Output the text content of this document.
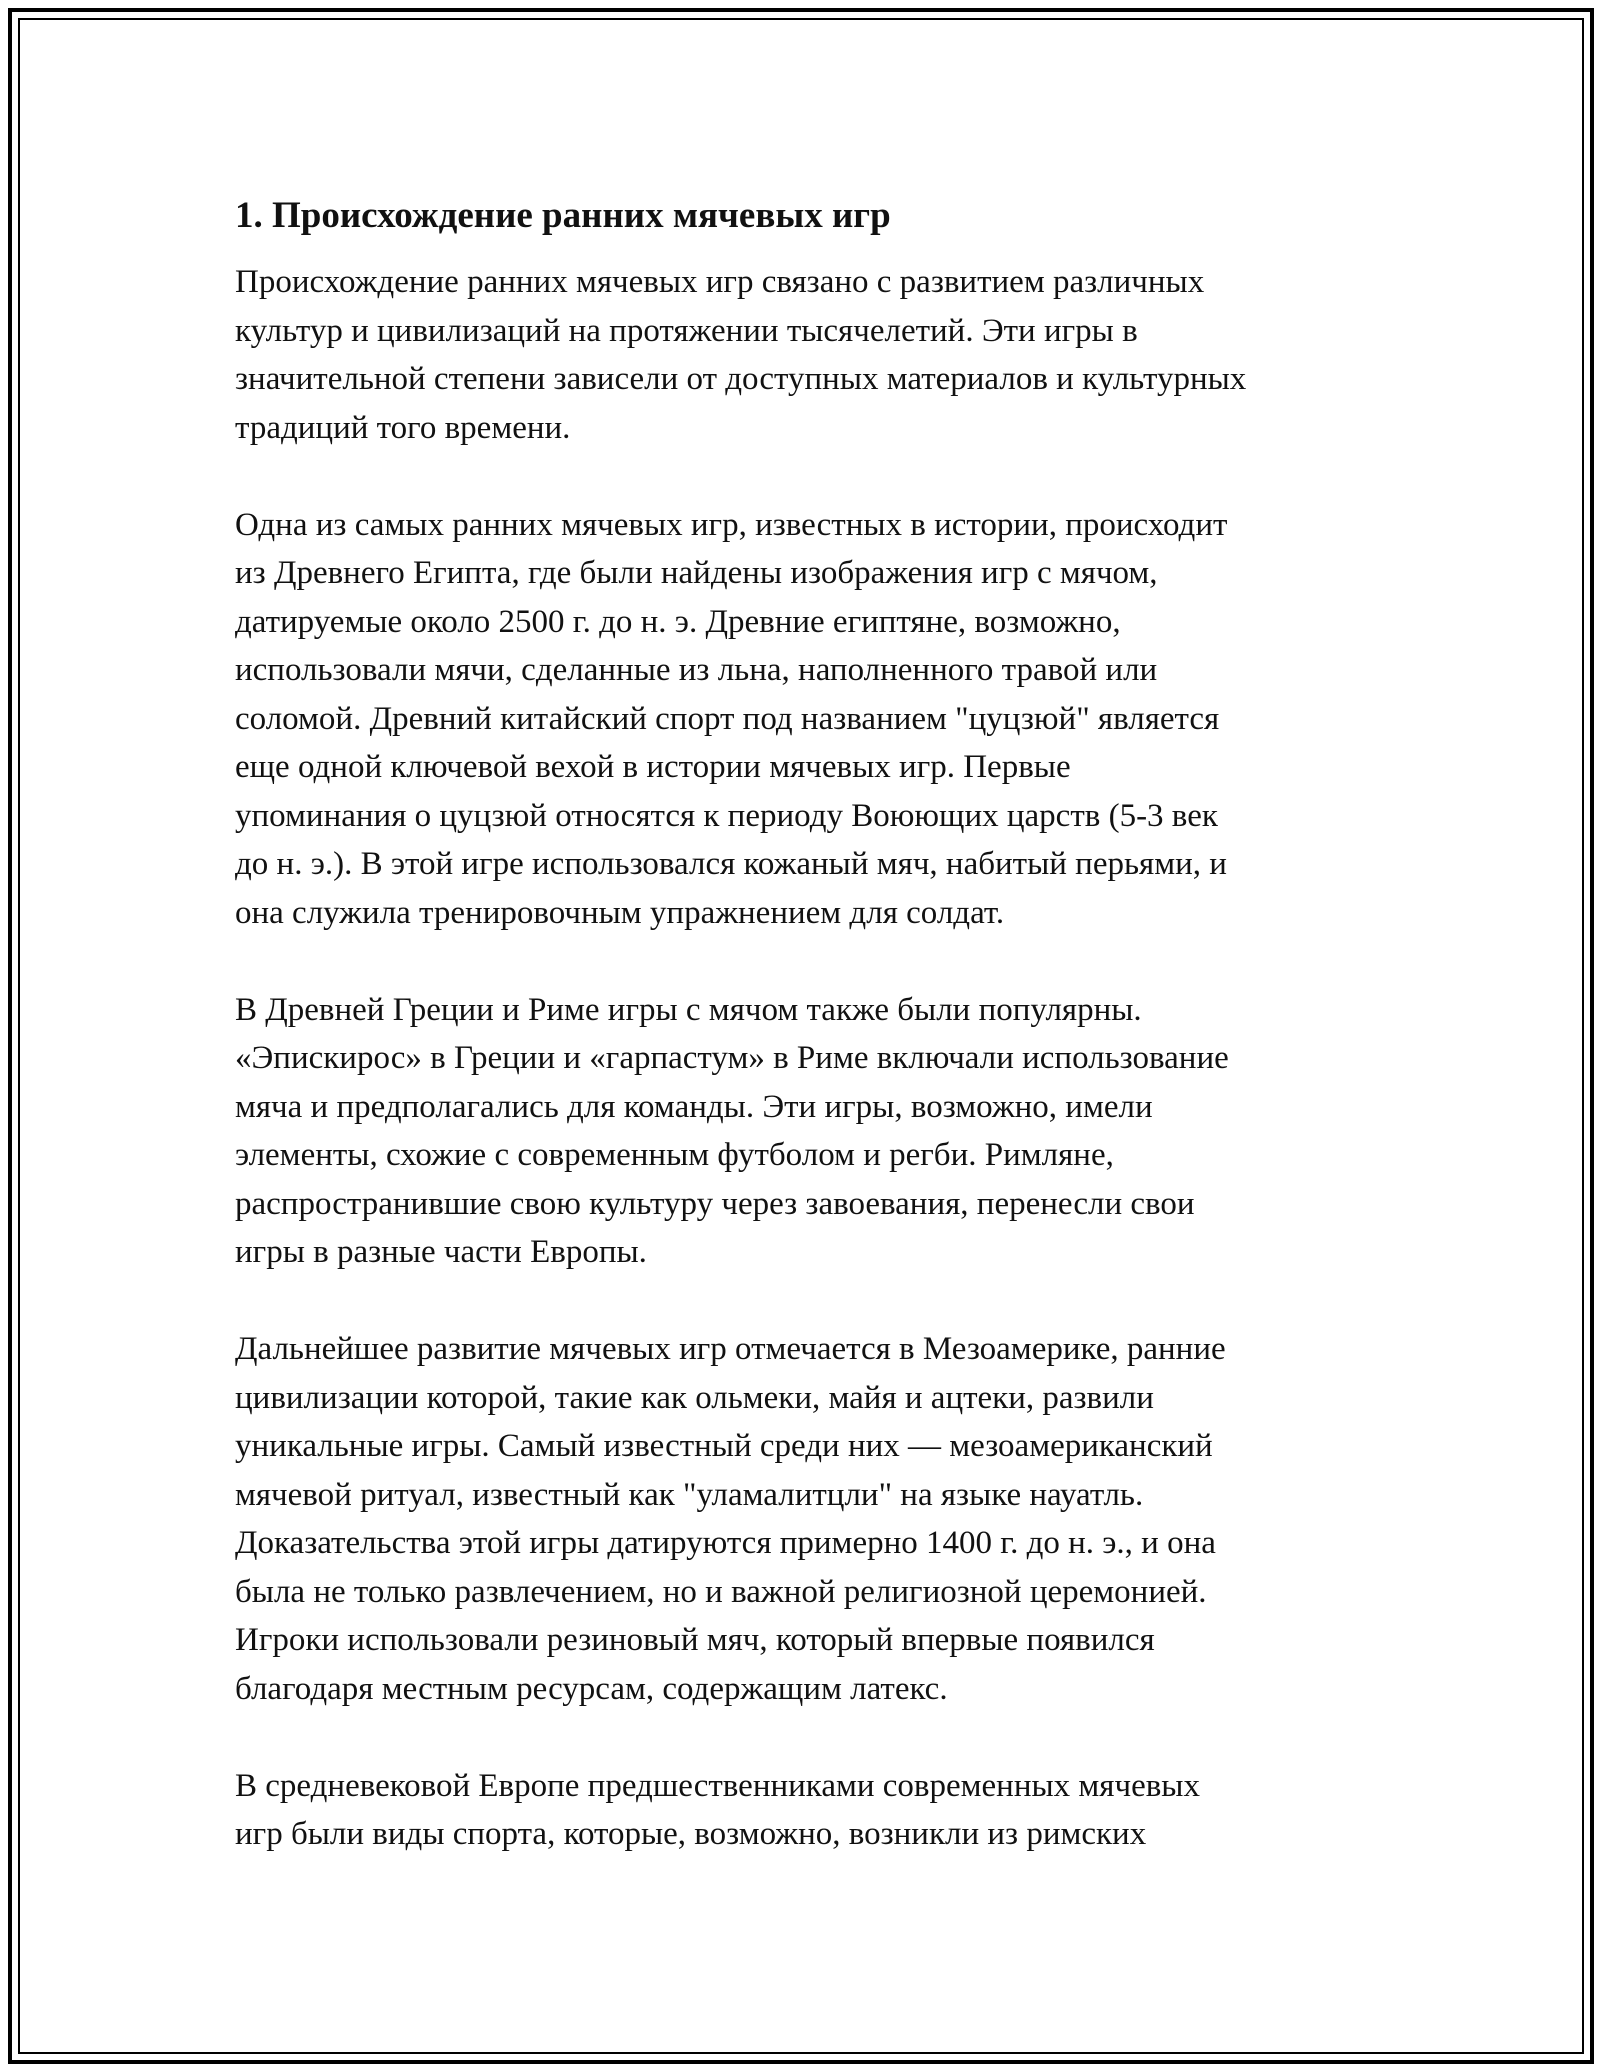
1. Происхождение ранних мячевых игр

Происхождение ранних мячевых игр связано с развитием различных
культур и цивилизаций на протяжении тысячелетий. Эти игры в
значительной степени зависели от доступных материалов и культурных
традиций того времени.

Одна из самых ранних мячевых игр, известных в истории, происходит
из Древнего Египта, где были найдены изображения игр с мячом,
датируемые около 2500 г. до н. э. Древние египтяне, возможно,
использовали мячи, сделанные из льна, наполненного травой или
соломой. Древний китайский спорт под названием "цуцзюй" является
еще одной ключевой вехой в истории мячевых игр. Первые
упоминания о цуцзюй относятся к периоду Воюющих царств (5-3 век
до н. э.). В этой игре использовался кожаный мяч, набитый перьями, и
она служила тренировочным упражнением для солдат.

В Древней Греции и Риме игры с мячом также были популярны.
«Эпискирос» в Греции и «гарпастум» в Риме включали использование
мяча и предполагались для команды. Эти игры, возможно, имели
элементы, схожие с современным футболом и регби. Римляне,
распространившие свою культуру через завоевания, перенесли свои
игры в разные части Европы.

Дальнейшее развитие мячевых игр отмечается в Мезоамерике, ранние
цивилизации которой, такие как ольмеки, майя и ацтеки, развили
уникальные игры. Самый известный среди них — мезоамериканский
мячевой ритуал, известный как "уламалитцли" на языке науатль.
Доказательства этой игры датируются примерно 1400 г. до н. э., и она
была не только развлечением, но и важной религиозной церемонией.
Игроки использовали резиновый мяч, который впервые появился
благодаря местным ресурсам, содержащим латекс.

В средневековой Европе предшественниками современных мячевых
игр были виды спорта, которые, возможно, возникли из римских
